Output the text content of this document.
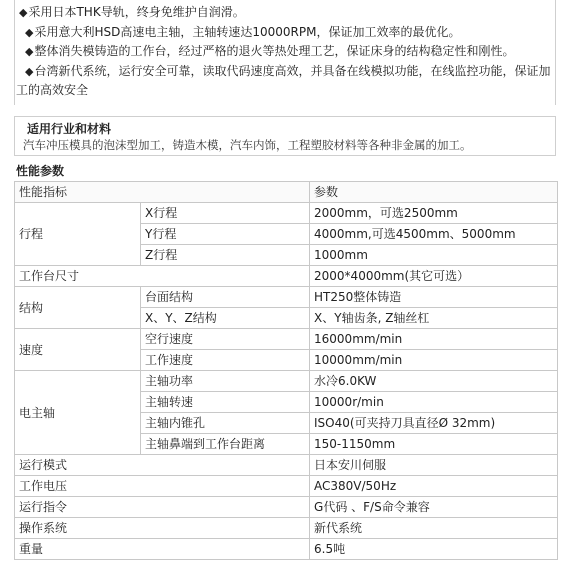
◆采用日本THK导轨，终身免维护自润滑。
◆采用意大利HSD高速电主轴，主轴转速达10000RPM，保证加工效率的最优化。
◆整体消失模铸造的工作台，经过严格的退火等热处理工艺，保证床身的结构稳定性和刚性。
◆台湾新代系统，运行安全可靠，读取代码速度高效，并具备在线模拟功能，在线监控功能，保证加
工的高效安全
适用行业和材料
汽车冲压模具的泡沫型加工，铸造木模，汽车内饰，工程塑胶材料等各种非金属的加工。
性能参数
性能指标		参数
行程	X行程	2000mm，可选2500mm
	Y行程	4000mm,可选4500mm、5000mm
	Z行程	1000mm
工作台尺寸		2000*4000mm(其它可选）
结构	台面结构	HT250整体铸造
	X、Y、Z结构	X、Y轴齿条, Z轴丝杠
速度	空行速度	16000mm/min
	工作速度	10000mm/min
电主轴	主轴功率	水冷6.0KW
	主轴转速	10000r/min
	主轴内锥孔	ISO40(可夹持刀具直径Ø 32mm)
	主轴鼻端到工作台距离	150-1150mm
运行模式		日本安川伺服
工作电压		AC380V/50Hz
运行指令		G代码 、F/S命令兼容
操作系统		新代系统
重量		6.5吨
